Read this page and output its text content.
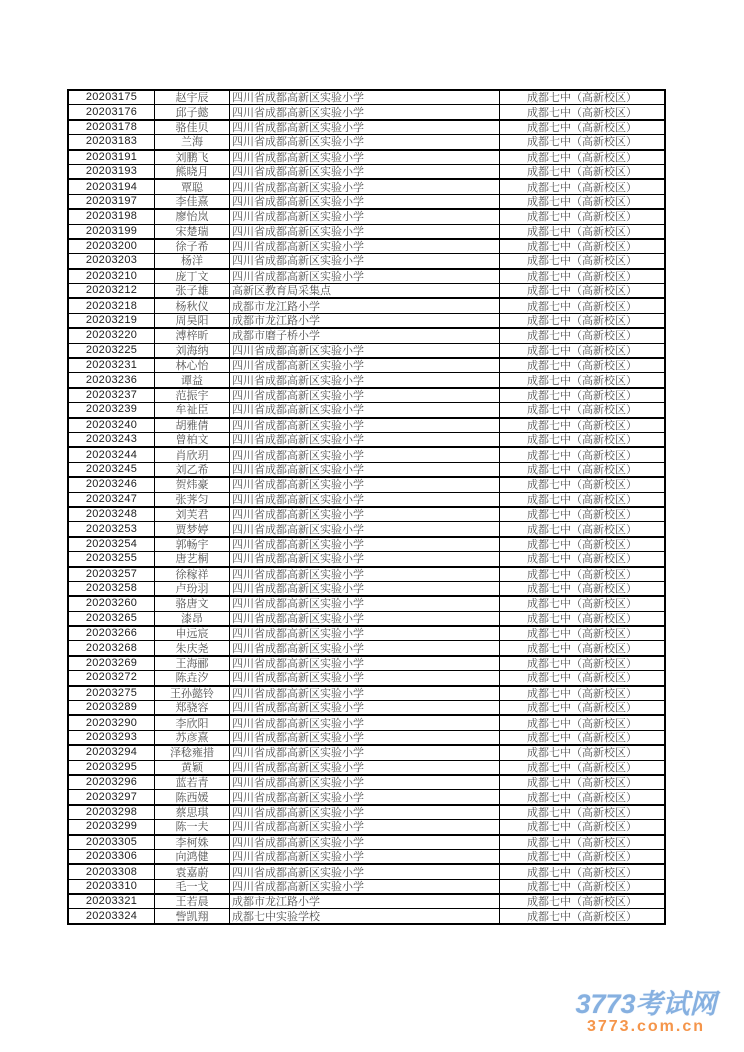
20203175	赵宇辰	四川省成都高新区实验小学	成都七中（高新校区）
20203176	邱子懿	四川省成都高新区实验小学	成都七中（高新校区）
20203178	骆佳贝	四川省成都高新区实验小学	成都七中（高新校区）
20203183	兰海	四川省成都高新区实验小学	成都七中（高新校区）
20203191	刘鹏飞	四川省成都高新区实验小学	成都七中（高新校区）
20203193	熊晓月	四川省成都高新区实验小学	成都七中（高新校区）
20203194	覃聪	四川省成都高新区实验小学	成都七中（高新校区）
20203197	李佳熹	四川省成都高新区实验小学	成都七中（高新校区）
20203198	廖怡岚	四川省成都高新区实验小学	成都七中（高新校区）
20203199	宋楚瑞	四川省成都高新区实验小学	成都七中（高新校区）
20203200	徐子希	四川省成都高新区实验小学	成都七中（高新校区）
20203203	杨洋	四川省成都高新区实验小学	成都七中（高新校区）
20203210	庞丁文	四川省成都高新区实验小学	成都七中（高新校区）
20203212	张子雄	高新区教育局采集点	成都七中（高新校区）
20203218	杨秋仪	成都市龙江路小学	成都七中（高新校区）
20203219	周昊阳	成都市龙江路小学	成都七中（高新校区）
20203220	溥梓昕	成都市磨子桥小学	成都七中（高新校区）
20203225	刘海纳	四川省成都高新区实验小学	成都七中（高新校区）
20203231	林心怡	四川省成都高新区实验小学	成都七中（高新校区）
20203236	谭益	四川省成都高新区实验小学	成都七中（高新校区）
20203237	范振宇	四川省成都高新区实验小学	成都七中（高新校区）
20203239	牟祉臣	四川省成都高新区实验小学	成都七中（高新校区）
20203240	胡雅倩	四川省成都高新区实验小学	成都七中（高新校区）
20203243	曾柏文	四川省成都高新区实验小学	成都七中（高新校区）
20203244	肖欣玥	四川省成都高新区实验小学	成都七中（高新校区）
20203245	刘乙希	四川省成都高新区实验小学	成都七中（高新校区）
20203246	贺炜豪	四川省成都高新区实验小学	成都七中（高新校区）
20203247	张荠匀	四川省成都高新区实验小学	成都七中（高新校区）
20203248	刘芙君	四川省成都高新区实验小学	成都七中（高新校区）
20203253	贾梦婷	四川省成都高新区实验小学	成都七中（高新校区）
20203254	郭畅宇	四川省成都高新区实验小学	成都七中（高新校区）
20203255	唐艺桐	四川省成都高新区实验小学	成都七中（高新校区）
20203257	徐稼祥	四川省成都高新区实验小学	成都七中（高新校区）
20203258	卢玢羽	四川省成都高新区实验小学	成都七中（高新校区）
20203260	骆唐文	四川省成都高新区实验小学	成都七中（高新校区）
20203265	漆昂	四川省成都高新区实验小学	成都七中（高新校区）
20203266	申远宸	四川省成都高新区实验小学	成都七中（高新校区）
20203268	朱庆尧	四川省成都高新区实验小学	成都七中（高新校区）
20203269	王海郦	四川省成都高新区实验小学	成都七中（高新校区）
20203272	陈垚汐	四川省成都高新区实验小学	成都七中（高新校区）
20203275	王孙懿铃	四川省成都高新区实验小学	成都七中（高新校区）
20203289	郑骁容	四川省成都高新区实验小学	成都七中（高新校区）
20203290	李欣阳	四川省成都高新区实验小学	成都七中（高新校区）
20203293	苏彦熹	四川省成都高新区实验小学	成都七中（高新校区）
20203294	泽稔雍措	四川省成都高新区实验小学	成都七中（高新校区）
20203295	黄颖	四川省成都高新区实验小学	成都七中（高新校区）
20203296	蓝若青	四川省成都高新区实验小学	成都七中（高新校区）
20203297	陈西媛	四川省成都高新区实验小学	成都七中（高新校区）
20203298	蔡思琪	四川省成都高新区实验小学	成都七中（高新校区）
20203299	陈一夫	四川省成都高新区实验小学	成都七中（高新校区）
20203305	李柯姝	四川省成都高新区实验小学	成都七中（高新校区）
20203306	向鸿健	四川省成都高新区实验小学	成都七中（高新校区）
20203308	袁嘉蔚	四川省成都高新区实验小学	成都七中（高新校区）
20203310	毛一戈	四川省成都高新区实验小学	成都七中（高新校区）
20203321	王若晨	成都市龙江路小学	成都七中（高新校区）
20203324	訾凯翔	成都七中实验学校	成都七中（高新校区）
3773考试网
3773.com.cn
